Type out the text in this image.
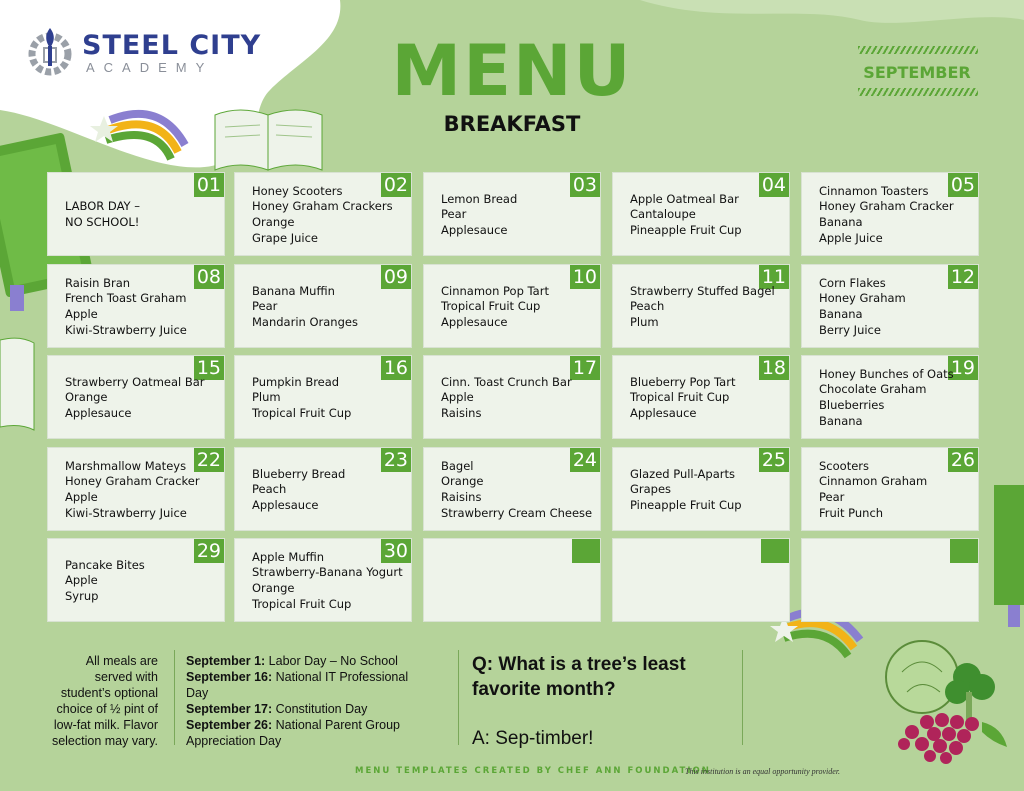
STEEL CITY
ACADEMY	MENU
BREAKFAST
SEPTEMBER
01
LABOR DAY –
NO SCHOOL!
02
Honey Scooters
Honey Graham Crackers
Orange
Grape Juice
03
Lemon Bread
Pear
Applesauce
04
Apple Oatmeal Bar
Cantaloupe
Pineapple Fruit Cup
05
Cinnamon Toasters
Honey Graham Cracker
Banana
Apple Juice
08
Raisin Bran
French Toast Graham
Apple
Kiwi-Strawberry Juice
09
Banana Muffin
Pear
Mandarin Oranges
10
Cinnamon Pop Tart
Tropical Fruit Cup
Applesauce
11
Strawberry Stuffed Bagel
Peach
Plum
12
Corn Flakes
Honey Graham
Banana
Berry Juice
15
Strawberry Oatmeal Bar
Orange
Applesauce
16
Pumpkin Bread
Plum
Tropical Fruit Cup
17
Cinn. Toast Crunch Bar
Apple
Raisins
18
Blueberry Pop Tart
Tropical Fruit Cup
Applesauce
19
Honey Bunches of Oats
Chocolate Graham
Blueberries
Banana
22
Marshmallow Mateys
Honey Graham Cracker
Apple
Kiwi-Strawberry Juice
23
Blueberry Bread
Peach
Applesauce
24
Bagel
Orange
Raisins
Strawberry Cream Cheese
25
Glazed Pull-Aparts
Grapes
Pineapple Fruit Cup
26
Scooters
Cinnamon Graham
Pear
Fruit Punch
29
Pancake Bites
Apple
Syrup
30
Apple Muffin
Strawberry-Banana Yogurt
Orange
Tropical Fruit Cup
All meals are
served with
student’s optional
choice of ½ pint of
low-fat milk. Flavor
selection may vary.
September 1: Labor Day – No School
September 16: National IT Professional Day
September 17: Constitution Day
September 26: National Parent Group Appreciation Day
Q: What is a tree’s least favorite month?
A: Sep-timber!
MENU TEMPLATES CREATED BY CHEF ANN FOUNDATION
This institution is an equal opportunity provider.
